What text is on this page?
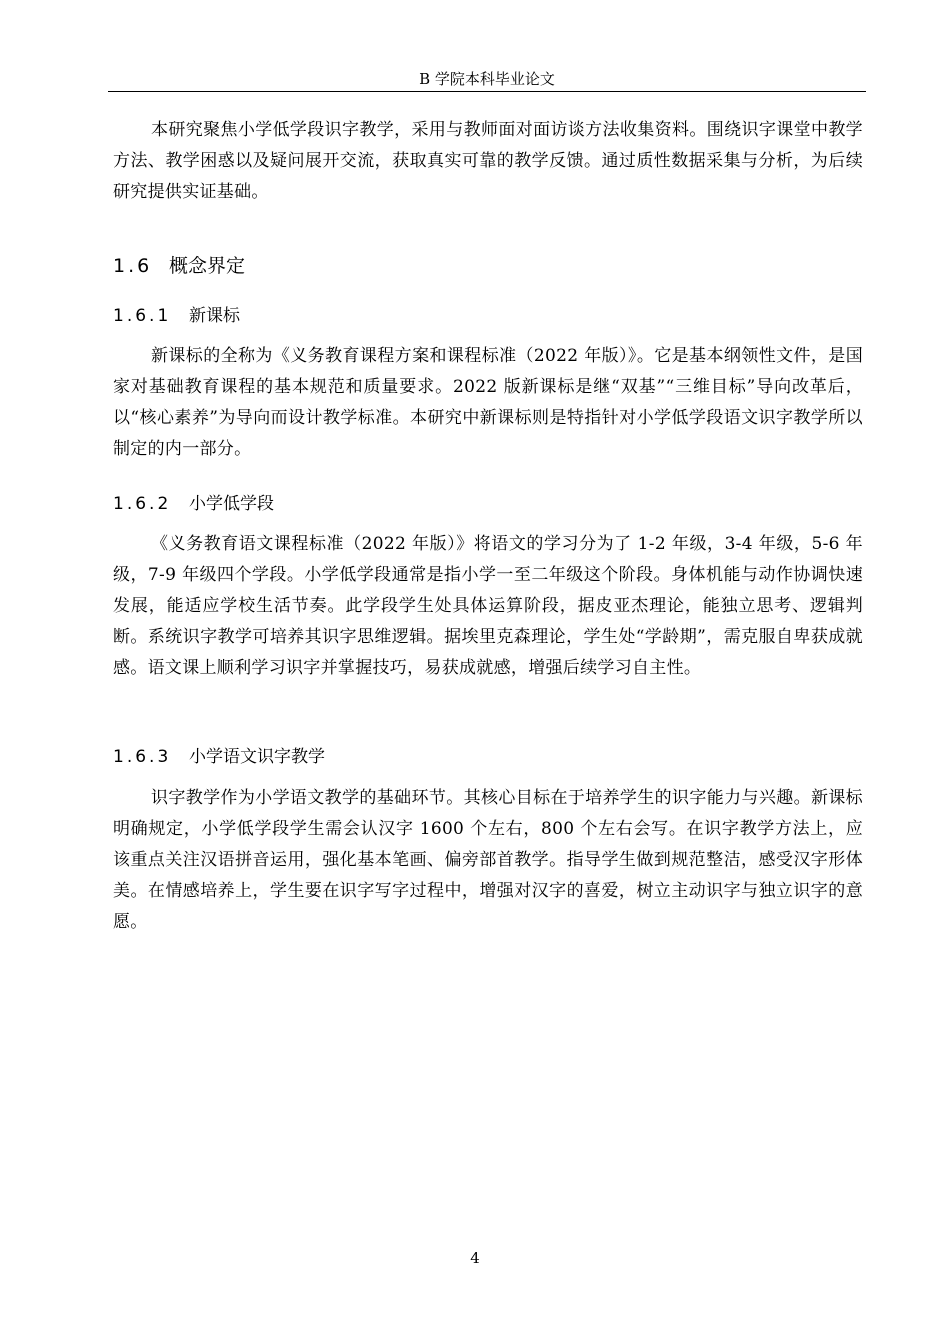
B 学院本科毕业论文

本研究聚焦小学低学段识字教学，采用与教师面对面访谈方法收集资料。围绕识字课堂中教学方法、教学困惑以及疑问展开交流，获取真实可靠的教学反馈。通过质性数据采集与分析，为后续研究提供实证基础。

1.6 概念界定
1.6.1 新课标

新课标的全称为《义务教育课程方案和课程标准（2022 年版）》。它是基本纲领性文件，是国家对基础教育课程的基本规范和质量要求。2022 版新课标是继“双基”“三维目标”导向改革后，以“核心素养”为导向而设计教学标准。本研究中新课标则是特指针对小学低学段语文识字教学所以制定的内一部分。

1.6.2 小学低学段

《义务教育语文课程标准（2022 年版）》将语文的学习分为了 1-2 年级，3-4 年级，5-6 年级，7-9 年级四个学段。小学低学段通常是指小学一至二年级这个阶段。身体机能与动作协调快速发展，能适应学校生活节奏。此学段学生处具体运算阶段，据皮亚杰理论，能独立思考、逻辑判断。系统识字教学可培养其识字思维逻辑。据埃里克森理论，学生处“学龄期”，需克服自卑获成就感。语文课上顺利学习识字并掌握技巧，易获成就感，增强后续学习自主性。

1.6.3 小学语文识字教学

识字教学作为小学语文教学的基础环节。其核心目标在于培养学生的识字能力与兴趣。新课标明确规定，小学低学段学生需会认汉字 1600 个左右，800 个左右会写。在识字教学方法上，应该重点关注汉语拼音运用，强化基本笔画、偏旁部首教学。指导学生做到规范整洁，感受汉字形体美。在情感培养上，学生要在识字写字过程中，增强对汉字的喜爱，树立主动识字与独立识字的意愿。

4
